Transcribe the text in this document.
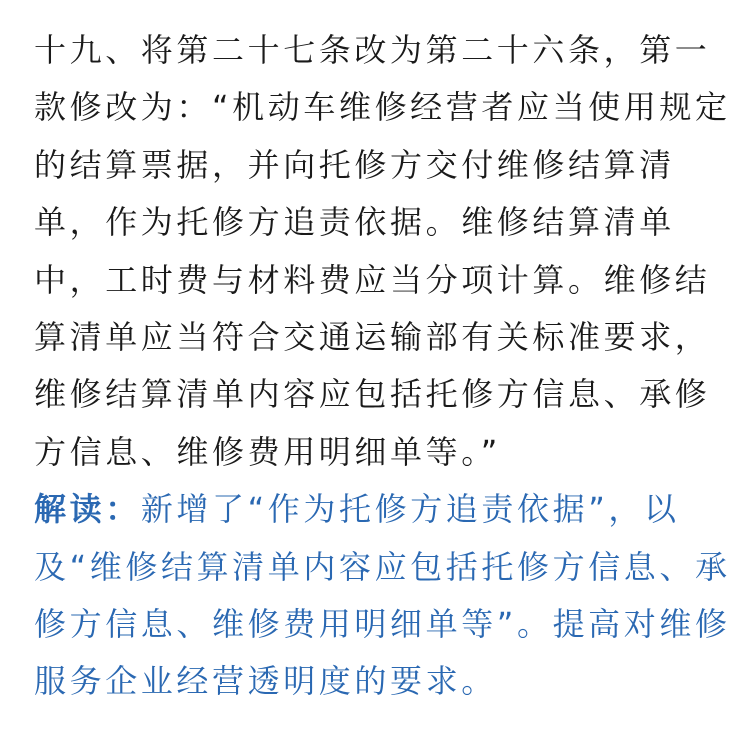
十九、将第二十七条改为第二十六条，第一
款修改为：“机动车维修经营者应当使用规定
的结算票据，并向托修方交付维修结算清
单，作为托修方追责依据。维修结算清单
中，工时费与材料费应当分项计算。维修结
算清单应当符合交通运输部有关标准要求，
维修结算清单内容应包括托修方信息、承修
方信息、维修费用明细单等。”
解读：新增了“作为托修方追责依据”，以
及“维修结算清单内容应包括托修方信息、承
修方信息、维修费用明细单等”。提高对维修
服务企业经营透明度的要求。
